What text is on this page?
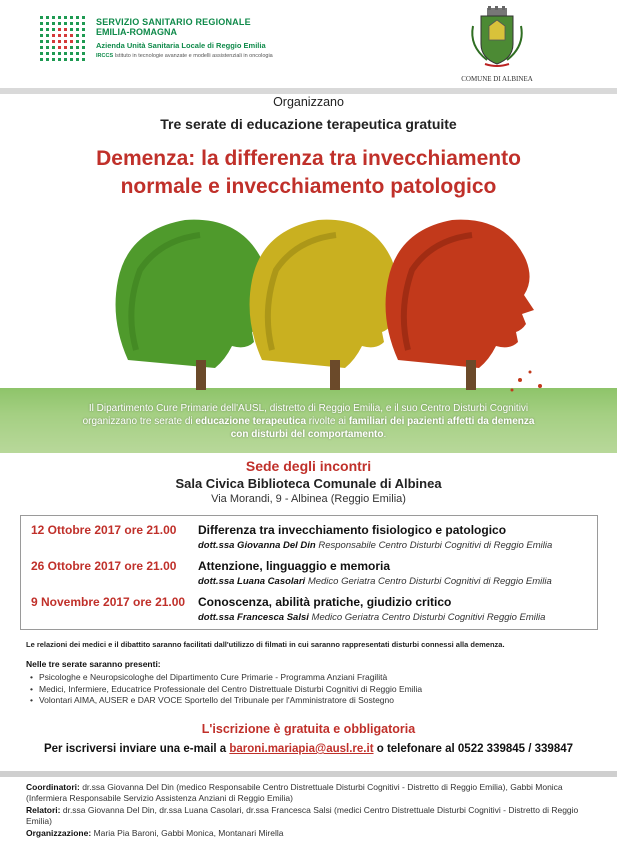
SERVIZIO SANITARIO REGIONALE
EMILIA-ROMAGNA
Azienda Unità Sanitaria Locale di Reggio Emilia
IRCCS Istituto in tecnologie avanzate e modelli assistenziali in oncologia
COMUNE DI ALBINEA
Organizzano
Tre serate di educazione terapeutica gratuite
Demenza: la differenza tra invecchiamento
normale e invecchiamento patologico
Il Dipartimento Cure Primarie dell'AUSL, distretto di Reggio Emilia, e il suo Centro Disturbi Cognitivi
organizzano tre serate di educazione terapeutica rivolte ai familiari dei pazienti affetti da demenza
con disturbi del comportamento.
Sede degli incontri
Sala Civica Biblioteca Comunale di Albinea
Via Morandi, 9 - Albinea (Reggio Emilia)
12 Ottobre 2017 ore 21.00 Differenza tra invecchiamento fisiologico e patologico
dott.ssa Giovanna Del Din Responsabile Centro Disturbi Cognitivi di Reggio Emilia
26 Ottobre 2017 ore 21.00 Attenzione, linguaggio e memoria
dott.ssa Luana Casolari Medico Geriatra Centro Disturbi Cognitivi di Reggio Emilia
9 Novembre 2017 ore 21.00 Conoscenza, abilità pratiche, giudizio critico
dott.ssa Francesca Salsi Medico Geriatra Centro Disturbi Cognitivi Reggio Emilia
Le relazioni dei medici e il dibattito saranno facilitati dall'utilizzo di filmati in cui saranno rappresentati disturbi connessi alla demenza.
Nelle tre serate saranno presenti:
• Psicologhe e Neuropsicologhe del Dipartimento Cure Primarie - Programma Anziani Fragilità
• Medici, Infermiere, Educatrice Professionale del Centro Distrettuale Disturbi Cognitivi di Reggio Emilia
• Volontari AIMA, AUSER e DAR VOCE Sportello del Tribunale per l'Amministratore di Sostegno
L'iscrizione è gratuita e obbligatoria
Per iscriversi inviare una e-mail a baroni.mariapia@ausl.re.it o telefonare al 0522 339845 / 339847

Coordinatori: dr.ssa Giovanna Del Din (medico Responsabile Centro Distrettuale Disturbi Cognitivi - Distretto di Reggio Emilia), Gabbi Monica (Infermiera Responsabile Servizio Assistenza Anziani di Reggio Emilia)

Relatori: dr.ssa Giovanna Del Din, dr.ssa Luana Casolari, dr.ssa Francesca Salsi (medici Centro Distrettuale Disturbi Cognitivi - Distretto di Reggio Emilia)

Organizzazione: Maria Pia Baroni, Gabbi Monica, Montanari Mirella
